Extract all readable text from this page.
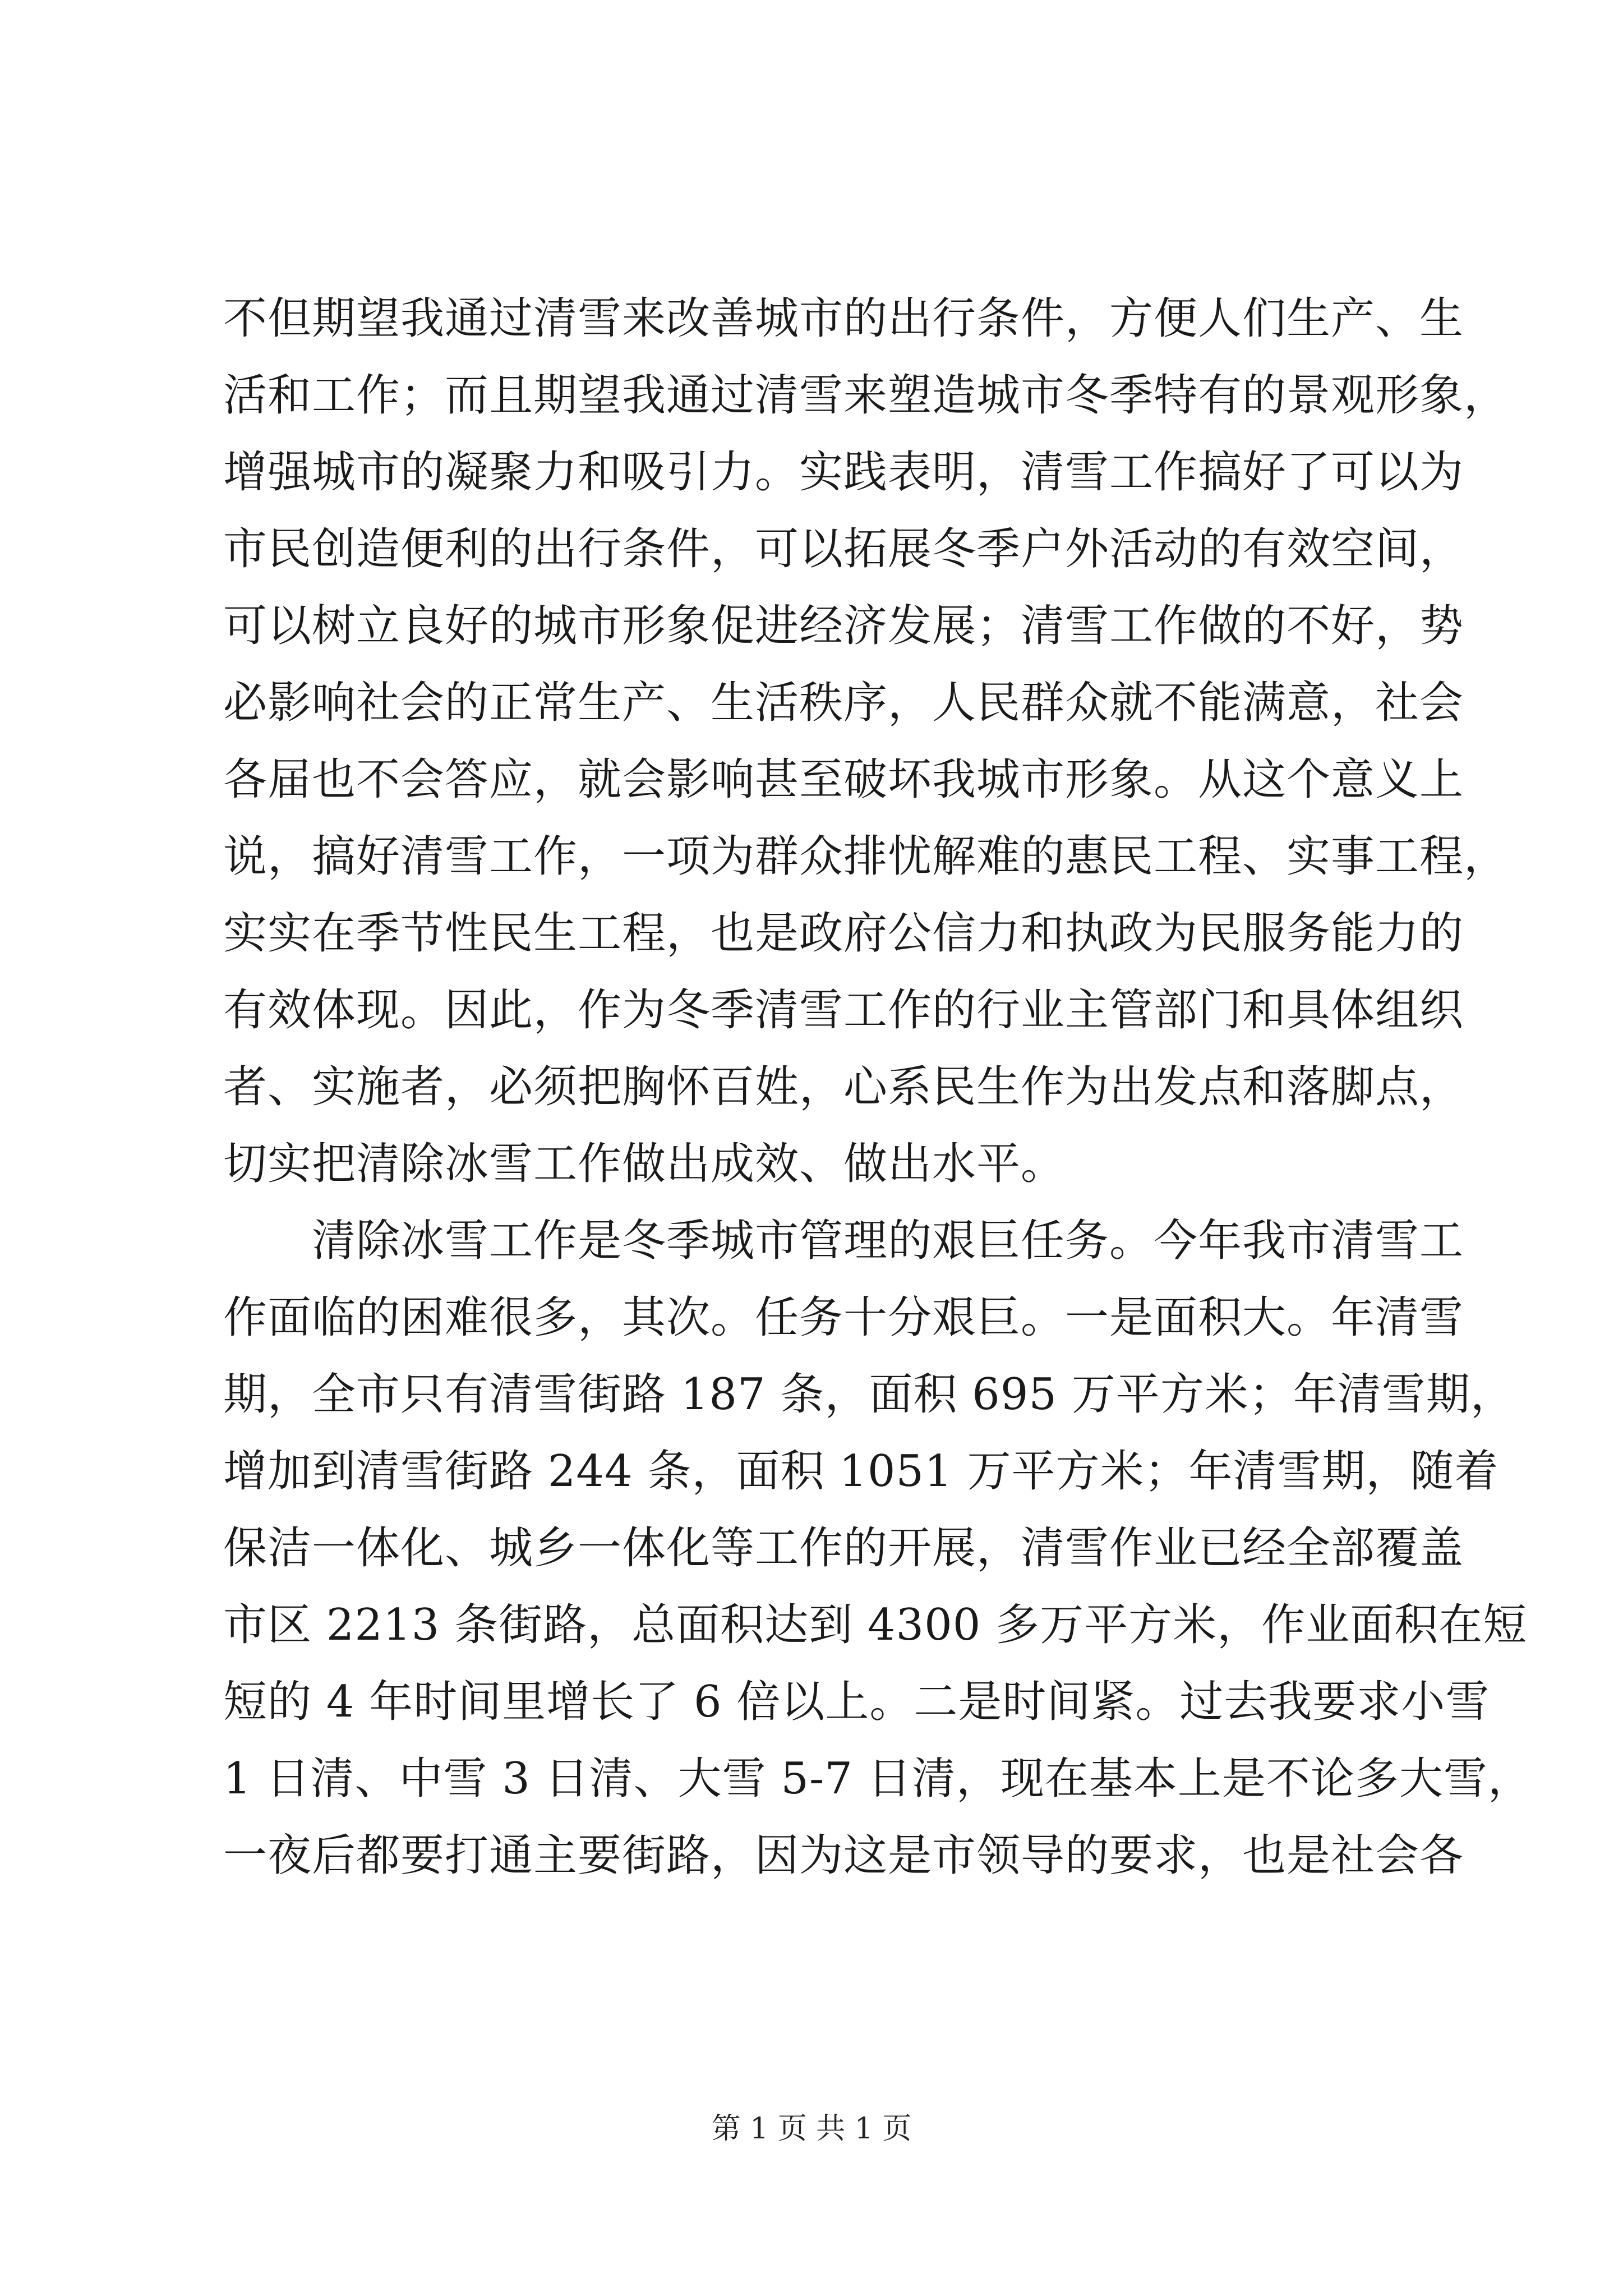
不但期望我通过清雪来改善城市的出行条件，方便人们生产、生
活和工作；而且期望我通过清雪来塑造城市冬季特有的景观形象，
增强城市的凝聚力和吸引力。实践表明，清雪工作搞好了可以为
市民创造便利的出行条件，可以拓展冬季户外活动的有效空间，
可以树立良好的城市形象促进经济发展；清雪工作做的不好，势
必影响社会的正常生产、生活秩序，人民群众就不能满意，社会
各届也不会答应，就会影响甚至破坏我城市形象。从这个意义上
说，搞好清雪工作，一项为群众排忧解难的惠民工程、实事工程，
实实在季节性民生工程，也是政府公信力和执政为民服务能力的
有效体现。因此，作为冬季清雪工作的行业主管部门和具体组织
者、实施者，必须把胸怀百姓，心系民生作为出发点和落脚点，
切实把清除冰雪工作做出成效、做出水平。
清除冰雪工作是冬季城市管理的艰巨任务。今年我市清雪工
作面临的困难很多，其次。任务十分艰巨。一是面积大。年清雪
期，全市只有清雪街路 187 条，面积 695 万平方米；年清雪期，
增加到清雪街路 244 条，面积 1051 万平方米；年清雪期，随着
保洁一体化、城乡一体化等工作的开展，清雪作业已经全部覆盖
市区 2213 条街路，总面积达到 4300 多万平方米，作业面积在短
短的 4 年时间里增长了 6 倍以上。二是时间紧。过去我要求小雪
1 日清、中雪 3 日清、大雪 5-7 日清，现在基本上是不论多大雪，
一夜后都要打通主要街路，因为这是市领导的要求，也是社会各
第 1 页 共 1 页
